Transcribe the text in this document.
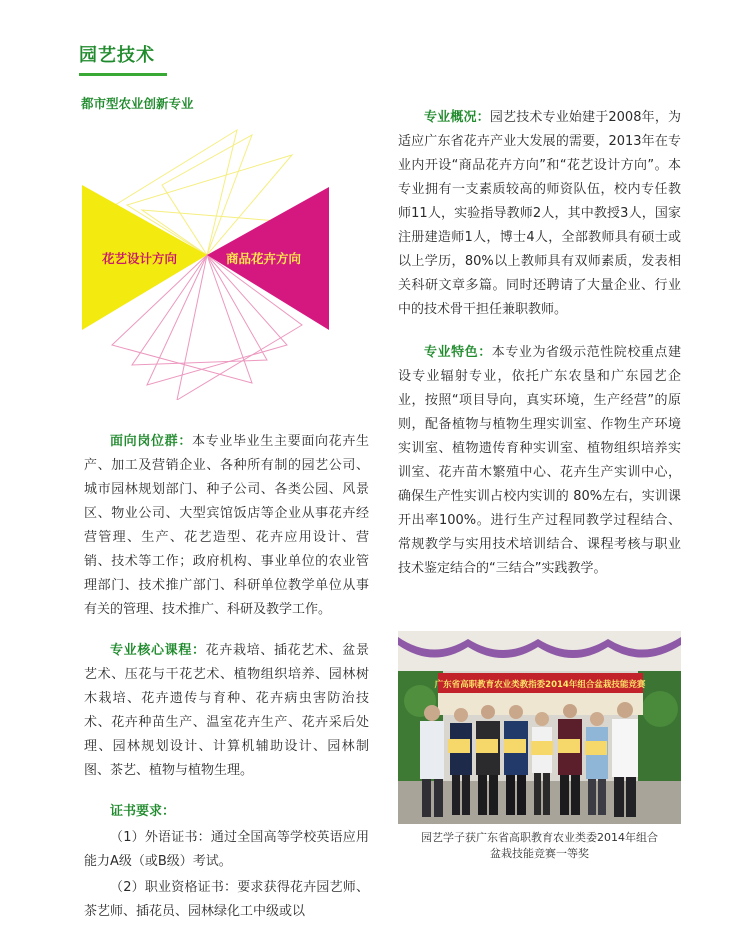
园艺技术
都市型农业创新专业
花艺设计方向	商品花卉方向
面向岗位群：本专业毕业生主要面向花卉生产、加工及营销企业、各种所有制的园艺公司、城市园林规划部门、种子公司、各类公园、风景区、物业公司、大型宾馆饭店等企业从事花卉经营管理、生产、花艺造型、花卉应用设计、营销、技术等工作；政府机构、事业单位的农业管理部门、技术推广部门、科研单位教学单位从事有关的管理、技术推广、科研及教学工作。
专业核心课程：花卉栽培、插花艺术、盆景艺术、压花与干花艺术、植物组织培养、园林树木栽培、花卉遗传与育种、花卉病虫害防治技术、花卉种苗生产、温室花卉生产、花卉采后处理、园林规划设计、计算机辅助设计、园林制图、茶艺、植物与植物生理。
证书要求：
（1）外语证书：通过全国高等学校英语应用能力A级（或B级）考试。
（2）职业资格证书：要求获得花卉园艺师、茶艺师、插花员、园林绿化工中级或以
专业概况：园艺技术专业始建于2008年，为适应广东省花卉产业大发展的需要，2013年在专业内开设“商品花卉方向”和“花艺设计方向”。本专业拥有一支素质较高的师资队伍，校内专任教师11人，实验指导教师2人，其中教授3人，国家注册建造师1人，博士4人，全部教师具有硕士或以上学历，80%以上教师具有双师素质，发表相关科研文章多篇。同时还聘请了大量企业、行业中的技术骨干担任兼职教师。
专业特色：本专业为省级示范性院校重点建设专业辐射专业，依托广东农垦和广东园艺企业，按照“项目导向，真实环境，生产经营”的原则，配备植物与植物生理实训室、作物生产环境实训室、植物遗传育种实训室、植物组织培养实训室、花卉苗木繁殖中心、花卉生产实训中心，确保生产性实训占校内实训的 80%左右，实训课开出率100%。进行生产过程同教学过程结合、常规教学与实用技术培训结合、课程考核与职业技术鉴定结合的“三结合”实践教学。
广东省高职教育农业类教指委2014年组合盆栽技能竞赛
园艺学子获广东省高职教育农业类委2014年组合
盆栽技能竞赛一等奖
